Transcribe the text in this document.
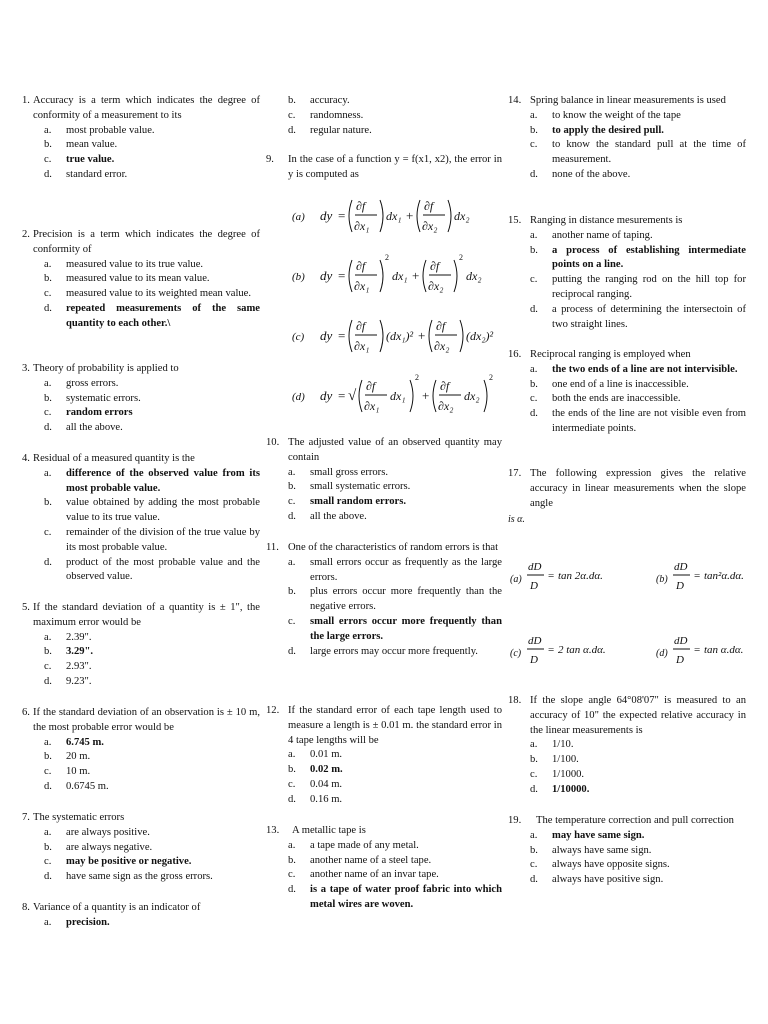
1. Accuracy is a term which indicates the degree of conformity of a measurement to its
a.	most probable value.
b.	mean value.
c.	true value.
d.	standard error.
2. Precision is a term which indicates the degree of conformity of
a.	measured value to its true value.
b.	measured value to its mean value.
c.	measured value to its weighted mean value.
d.	repeated measurements of the same quantity to each other.\
3. Theory of probability is applied to
a.	gross errors.
b.	systematic errors.
c.	random errors
d.	all the above.
4. Residual of a measured quantity is the
a.	difference of the observed value from its most probable value.
b.	value obtained by adding the most probable value to its true value.
c.	remainder of the division of the true value by its most probable value.
d.	product of the most probable value and the observed value.
5. If the standard deviation of a quantity is ± 1", the maximum error would be
a.	2.39".
b.	3.29".
c.	2.93".
d.	9.23".
6. If the standard deviation of an observation is ± 10 m, the most probable error would be
a.	6.745 m.
b.	20 m.
c.	10 m.
d.	0.6745 m.
7. The systematic errors
a.	are always positive.
b.	are always negative.
c.	may be positive or negative.
d.	have same sign as the gross errors.
8. Variance of a quantity is an indicator of
a.	precision.
b.	accuracy.
c.	randomness.
d.	regular nature.
9.	In the case of a function y = f(x1, x2), the error in y is computed as
(a) dy =
∂f
∂x₁
dx₁ +
∂f
∂x₂
dx₂
(b) dy =
∂f
∂x₁
2
dx₁ +
∂f
∂x₂
2
dx₂
(c) dy =
∂f
∂x₁
(dx₁)² +
∂f
∂x₂
(dx₂)²
(d) dy = √
∂f
∂x₁
dx₁
2
+
∂f
∂x₂
dx₂
2
10. The adjusted value of an observed quantity may contain
a.	small gross errors.
b.	small systematic errors.
c.	small random errors.
d.	all the above.
11. One of the characteristics of random errors is that
a.	small errors occur as frequently as the large errors.
b.	plus errors occur more frequently than the negative errors.
c.	small errors occur more frequently than the large errors.
d.	large errors may occur more frequently.
12. If the standard error of each tape length used to measure a length is ± 0.01 m. the standard error in 4 tape lengths will be
a.	0.01 m.
b.	0.02 m.
c.	0.04 m.
d.	0.16 m.
13.	A metallic tape is
a.	a tape made of any metal.
b.	another name of a steel tape.
c.	another name of an invar tape.
d.	is a tape of water proof fabric into which metal wires are woven.
14. Spring balance in linear measurements is used
a.	to know the weight of the tape
b.	to apply the desired pull.
c.	to know the standard pull at the time of measurement.
d.	none of the above.
15. Ranging in distance mesurements is
a.	another name of taping.
b.	a process of establishing intermediate points on a line.
c.	putting the ranging rod on the hill top for reciprocal ranging.
d.	a process of determining the intersectoin of two straight lines.
16. Reciprocal ranging is employed when
a.	the two ends of a line are not intervisible.
b.	one end of a line is inaccessible.
c.	both the ends are inaccessible.
d.	the ends of the line are not visible even from intermediate points.
17. The following expression gives the relative accuracy in linear measurements when the slope angle
is α.
(a)
dD
D
= tan 2α.dα.	(b)
dD
D
= tan²α.dα.
(c)
dD
D
= 2 tan α.dα.	(d)
dD
D
= tan α.dα.
18. If the slope angle 64°08'07" is measured to an accuracy of 10" the expected relative accuracy in the linear measurements is
a.	1/10.
b.	1/100.
c.	1/1000.
d.	1/10000.
19.	The temperature correction and pull correction
a.	may have same sign.
b.	always have same sign.
c.	always have opposite signs.
d.	always have positive sign.
